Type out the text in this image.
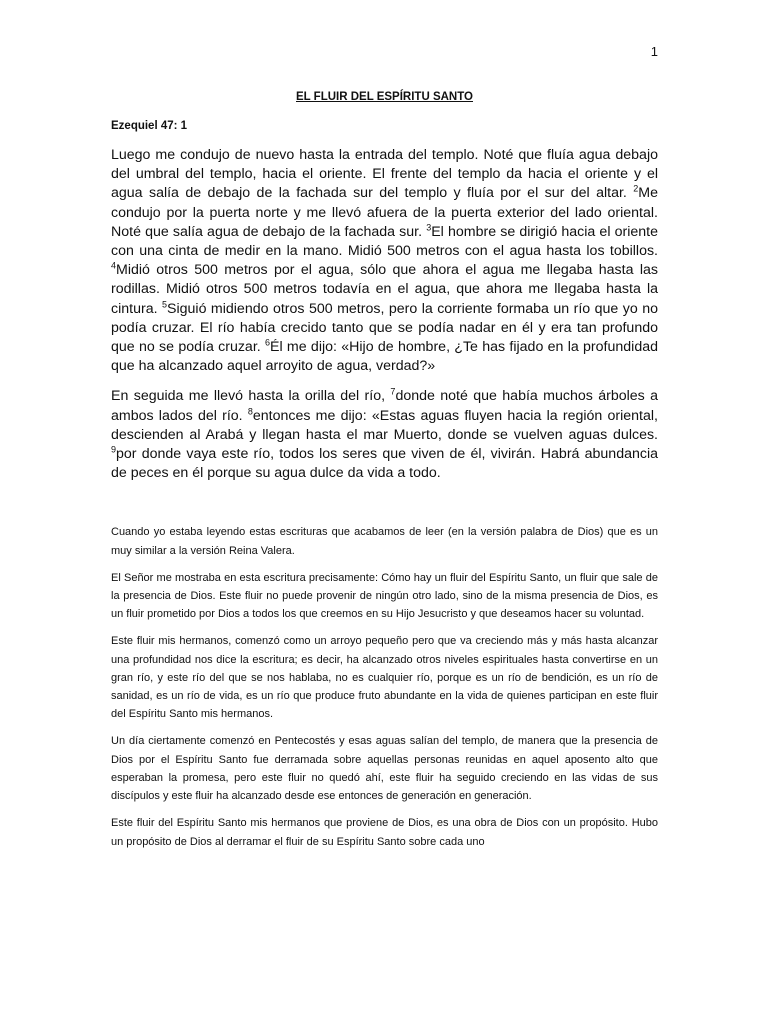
1

EL FLUIR DEL ESPÍRITU SANTO

Ezequiel 47: 1

Luego me condujo de nuevo hasta la entrada del templo. Noté que fluía agua debajo del umbral del templo, hacia el oriente. El frente del templo da hacia el oriente y el agua salía de debajo de la fachada sur del templo y fluía por el sur del altar. $^2$Me condujo por la puerta norte y me llevó afuera de la puerta exterior del lado oriental. Noté que salía agua de debajo de la fachada sur. $^3$El hombre se dirigió hacia el oriente con una cinta de medir en la mano. Midió 500 metros con el agua hasta los tobillos. $^4$Midió otros 500 metros por el agua, sólo que ahora el agua me llegaba hasta las rodillas. Midió otros 500 metros todavía en el agua, que ahora me llegaba hasta la cintura. $^5$Siguió midiendo otros 500 metros, pero la corriente formaba un río que yo no podía cruzar. El río había crecido tanto que se podía nadar en él y era tan profundo que no se podía cruzar. $^6$Él me dijo: «Hijo de hombre, ¿Te has fijado en la profundidad que ha alcanzado aquel arroyito de agua, verdad?»

En seguida me llevó hasta la orilla del río, $^7$donde noté que había muchos árboles a ambos lados del río. $^8$entonces me dijo: «Estas aguas fluyen hacia la región oriental, descienden al Arabá y llegan hasta el mar Muerto, donde se vuelven aguas dulces. $^9$por donde vaya este río, todos los seres que viven de él, vivirán. Habrá abundancia de peces en él porque su agua dulce da vida a todo.

Cuando yo estaba leyendo estas escrituras que acabamos de leer (en la versión palabra de Dios) que es un muy similar a la versión Reina Valera.

El Señor me mostraba en esta escritura precisamente: Cómo hay un fluir del Espíritu Santo, un fluir que sale de la presencia de Dios. Este fluir no puede provenir de ningún otro lado, sino de la misma presencia de Dios, es un fluir prometido por Dios a todos los que creemos en su Hijo Jesucristo y que deseamos hacer su voluntad.

Este fluir mis hermanos, comenzó como un arroyo pequeño pero que va creciendo más y más hasta alcanzar una profundidad nos dice la escritura; es decir, ha alcanzado otros niveles espirituales hasta convertirse en un gran río, y este río del que se nos hablaba, no es cualquier río, porque es un río de bendición, es un río de sanidad, es un río de vida, es un río que produce fruto abundante en la vida de quienes participan en este fluir del Espíritu Santo mis hermanos.

Un día ciertamente comenzó en Pentecostés y esas aguas salían del templo, de manera que la presencia de Dios por el Espíritu Santo fue derramada sobre aquellas personas reunidas en aquel aposento alto que esperaban la promesa, pero este fluir no quedó ahí, este fluir ha seguido creciendo en las vidas de sus discípulos y este fluir ha alcanzado desde ese entonces de generación en generación.

Este fluir del Espíritu Santo mis hermanos que proviene de Dios, es una obra de Dios con un propósito. Hubo un propósito de Dios al derramar el fluir de su Espíritu Santo sobre cada uno
